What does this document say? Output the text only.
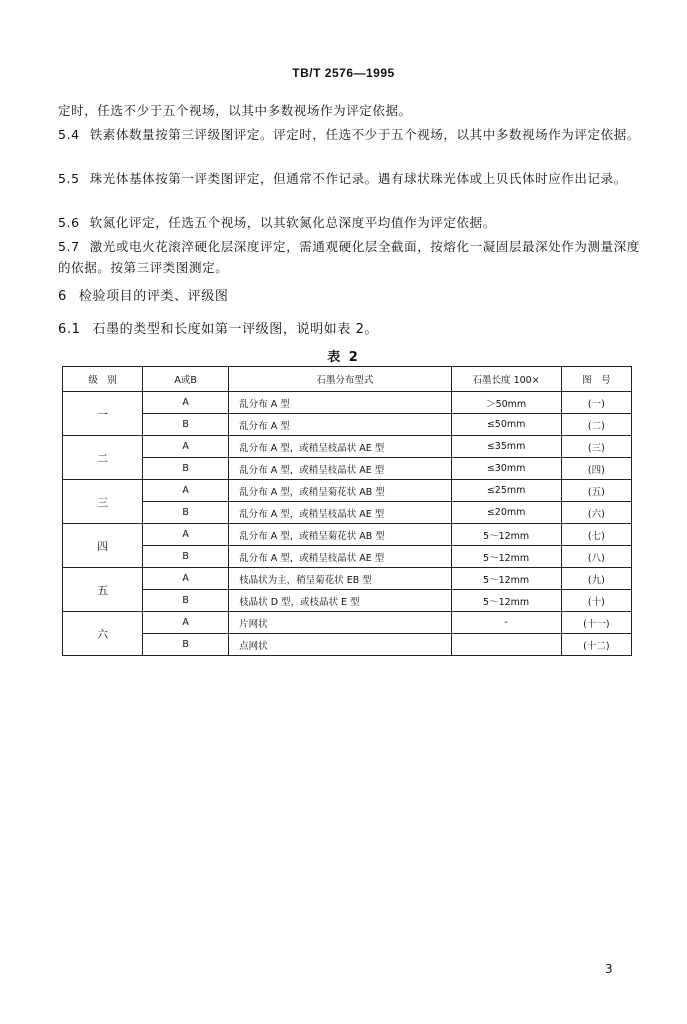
TB/T 2576—1995
定时，任选不少于五个视场，以其中多数视场作为评定依据。
5.4 铁素体数量按第三评级图评定。评定时，任选不少于五个视场，以其中多数视场作为评定依据。
5.5 珠光体基体按第一评类图评定，但通常不作记录。遇有球状珠光体或上贝氏体时应作出记录。
5.6 软氮化评定，任选五个视场，以其软氮化总深度平均值作为评定依据。
5.7 激光或电火花滚淬硬化层深度评定，需通观硬化层全截面，按熔化一凝固层最深处作为测量深度的依据。按第三评类图测定。
6 检验项目的评类、评级图
6.1 石墨的类型和长度如第一评级图，说明如表 2。
表 2
级　别	A或B	石墨分布型式	石墨长度 100×	图　号
一	A	乱分布 A 型	＞50mm	(一)
	B	乱分布 A 型	≤50mm	(二)
二	A	乱分布 A 型，或稍呈枝晶状 AE 型	≤35mm	(三)
	B	乱分布 A 型，或稍呈枝晶状 AE 型	≤30mm	(四)
三	A	乱分布 A 型，或稍呈菊花状 AB 型	≤25mm	(五)
	B	乱分布 A 型，或稍呈枝晶状 AE 型	≤20mm	(六)
四	A	乱分布 A 型，或稍呈菊花状 AB 型	5～12mm	(七)
	B	乱分布 A 型，或稍呈枝晶状 AE 型	5～12mm	(八)
五	A	枝晶状为主，稍呈菊花状 EB 型	5～12mm	(九)
	B	枝晶状 D 型，或枝晶状 E 型	5～12mm	(十)
六	A	片网状	-	(十一)
	B	点网状		(十二)
3
